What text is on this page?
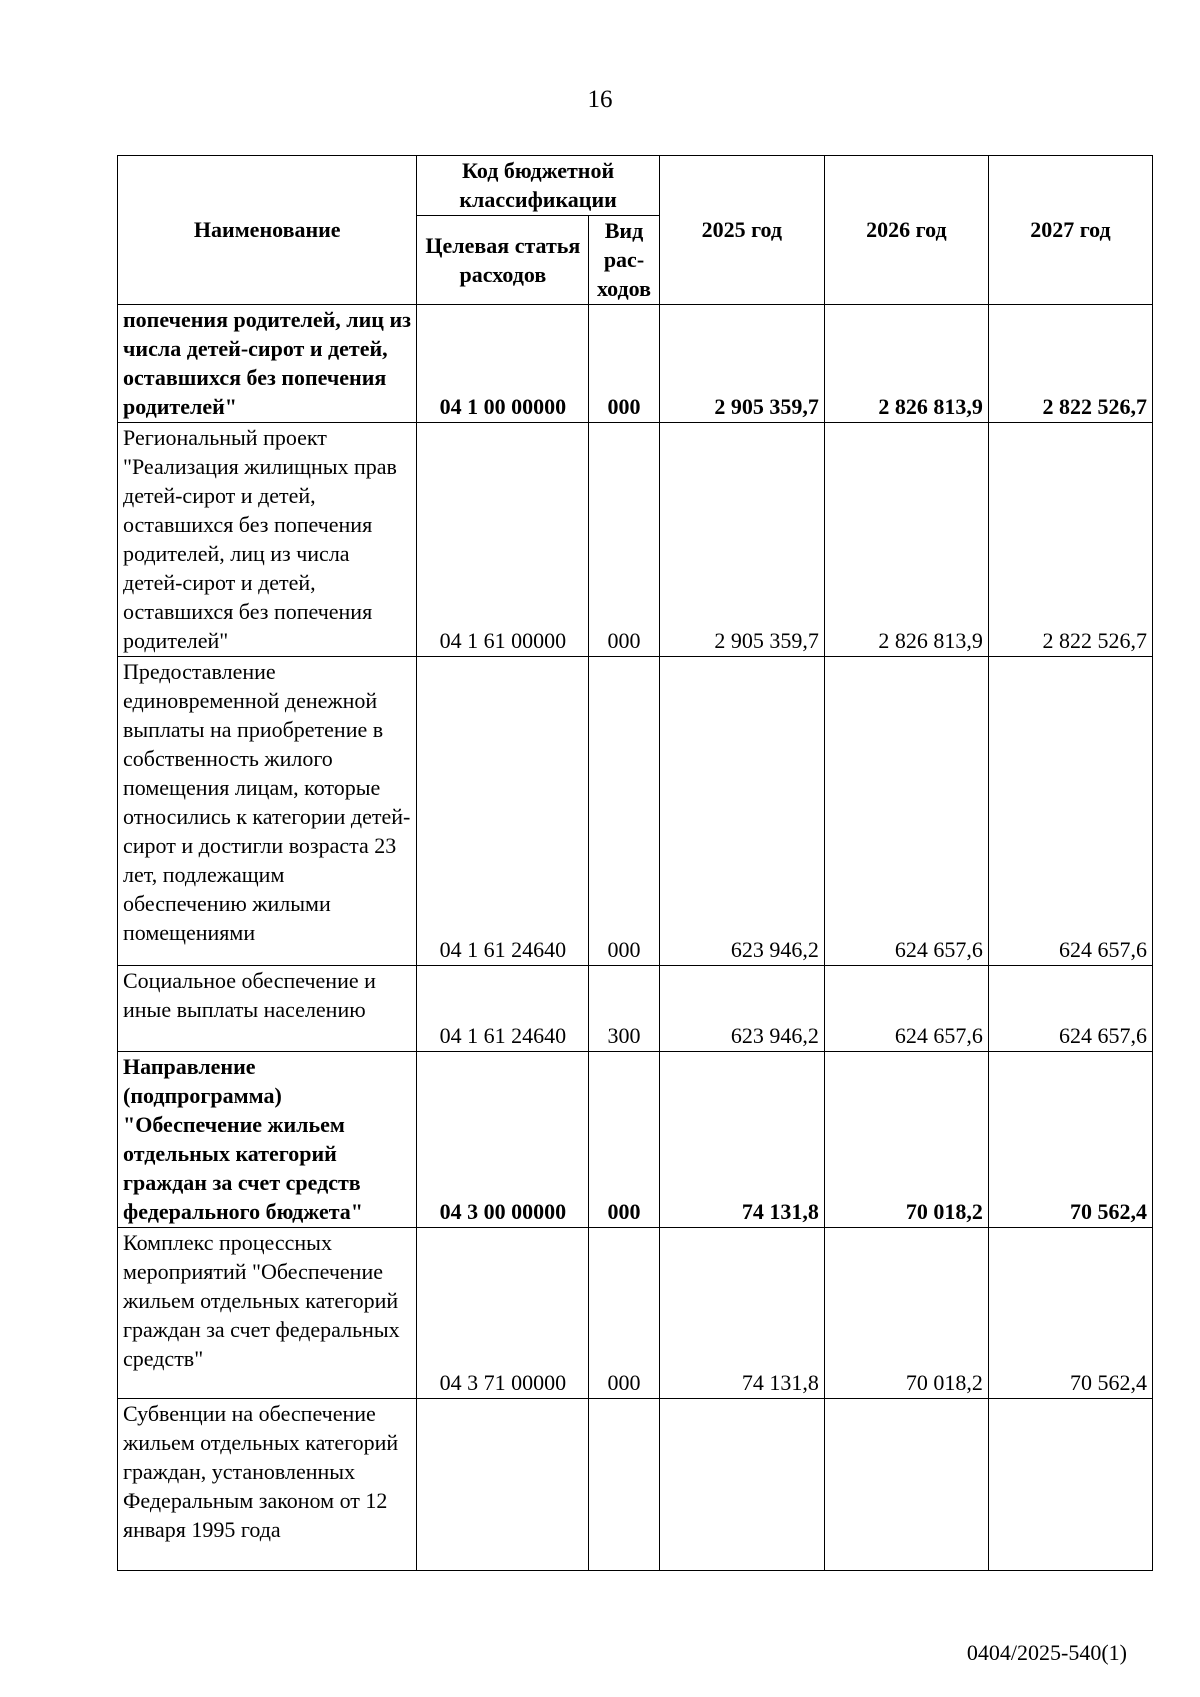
16
Наименование	Код бюджетной классификации		2025 год	2026 год	2027 год
	Целевая статья расходов	Вид рас-ходов			
попечения родителей, лиц из числа детей-сирот и детей, оставшихся без попечения родителей"	04 1 00 00000	000	2 905 359,7	2 826 813,9	2 822 526,7
Региональный проект "Реализация жилищных прав детей-сирот и детей, оставшихся без попечения родителей, лиц из числа детей-сирот и детей, оставшихся без попечения родителей"	04 1 61 00000	000	2 905 359,7	2 826 813,9	2 822 526,7
Предоставление единовременной денежной выплаты на приобретение в собственность жилого помещения лицам, которые относились к категории детей-сирот и достигли возраста 23 лет, подлежащим обеспечению жилыми помещениями	04 1 61 24640	000	623 946,2	624 657,6	624 657,6
Социальное обеспечение и иные выплаты населению	04 1 61 24640	300	623 946,2	624 657,6	624 657,6
Направление (подпрограмма) "Обеспечение жильем отдельных категорий граждан за счет средств федерального бюджета"	04 3 00 00000	000	74 131,8	70 018,2	70 562,4
Комплекс процессных мероприятий "Обеспечение жильем отдельных категорий граждан за счет федеральных средств"	04 3 71 00000	000	74 131,8	70 018,2	70 562,4
Субвенции на обеспечение жильем отдельных категорий граждан, установленных Федеральным законом от 12 января 1995 года					
0404/2025-540(1)
